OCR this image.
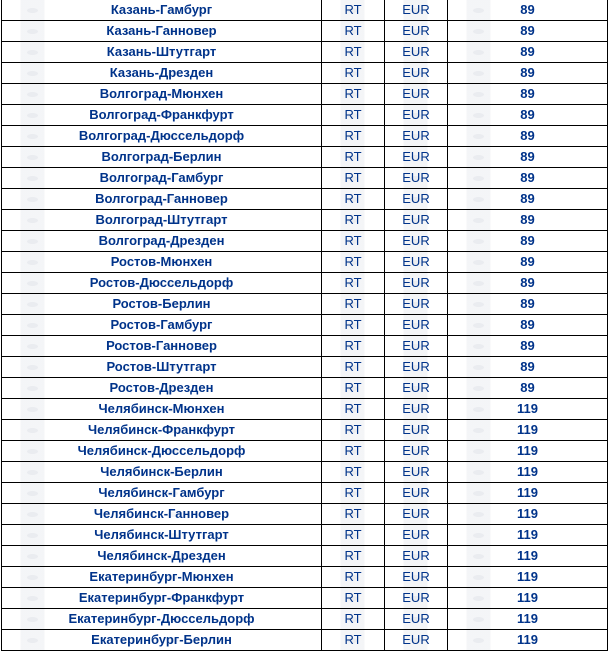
Казань-Гамбург	RT	EUR	89
Казань-Ганновер	RT	EUR	89
Казань-Штутгарт	RT	EUR	89
Казань-Дрезден	RT	EUR	89
Волгоград-Мюнхен	RT	EUR	89
Волгоград-Франкфурт	RT	EUR	89
Волгоград-Дюссельдорф	RT	EUR	89
Волгоград-Берлин	RT	EUR	89
Волгоград-Гамбург	RT	EUR	89
Волгоград-Ганновер	RT	EUR	89
Волгоград-Штутгарт	RT	EUR	89
Волгоград-Дрезден	RT	EUR	89
Ростов-Мюнхен	RT	EUR	89
Ростов-Дюссельдорф	RT	EUR	89
Ростов-Берлин	RT	EUR	89
Ростов-Гамбург	RT	EUR	89
Ростов-Ганновер	RT	EUR	89
Ростов-Штутгарт	RT	EUR	89
Ростов-Дрезден	RT	EUR	89
Челябинск-Мюнхен	RT	EUR	119
Челябинск-Франкфурт	RT	EUR	119
Челябинск-Дюссельдорф	RT	EUR	119
Челябинск-Берлин	RT	EUR	119
Челябинск-Гамбург	RT	EUR	119
Челябинск-Ганновер	RT	EUR	119
Челябинск-Штутгарт	RT	EUR	119
Челябинск-Дрезден	RT	EUR	119
Екатеринбург-Мюнхен	RT	EUR	119
Екатеринбург-Франкфурт	RT	EUR	119
Екатеринбург-Дюссельдорф	RT	EUR	119
Екатеринбург-Берлин	RT	EUR	119
